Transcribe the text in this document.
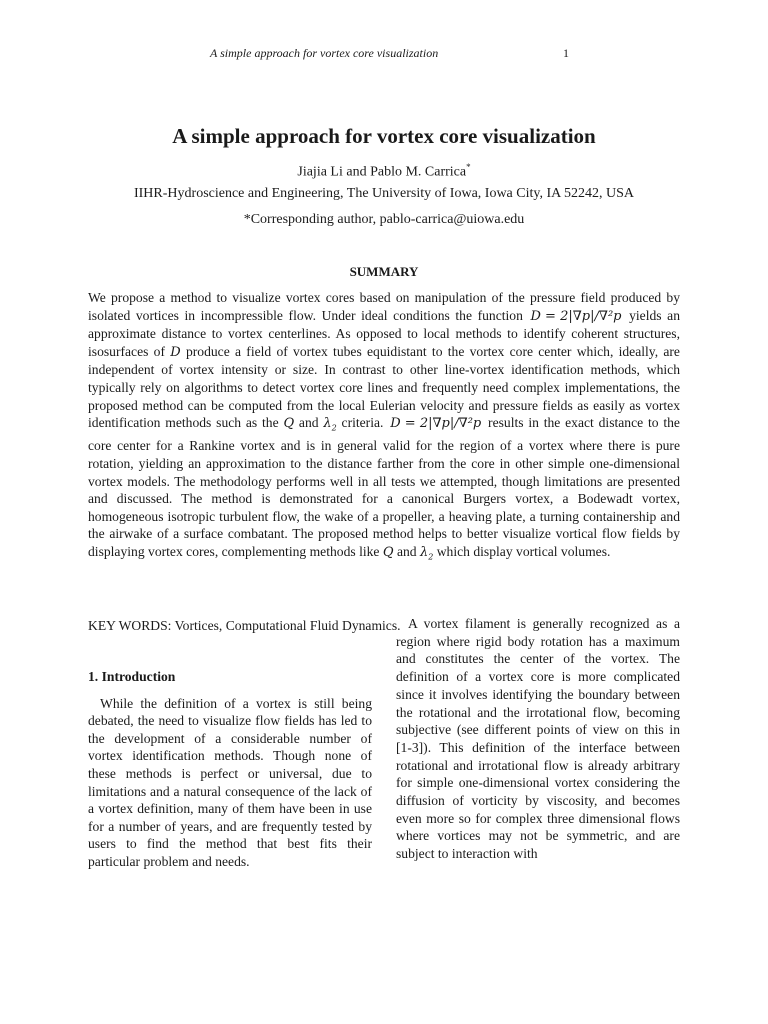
A simple approach for vortex core visualization	1
A simple approach for vortex core visualization
Jiajia Li and Pablo M. Carrica*
IIHR-Hydroscience and Engineering, The University of Iowa, Iowa City, IA 52242, USA
*Corresponding author, pablo-carrica@uiowa.edu
SUMMARY

We propose a method to visualize vortex cores based on manipulation of the pressure field produced by isolated vortices in incompressible flow. Under ideal conditions the function D = 2|∇p|/∇²p yields an approximate distance to vortex centerlines. As opposed to local methods to identify coherent structures, isosurfaces of D produce a field of vortex tubes equidistant to the vortex core center which, ideally, are independent of vortex intensity or size. In contrast to other line-vortex identification methods, which typically rely on algorithms to detect vortex core lines and frequently need complex implementations, the proposed method can be computed from the local Eulerian velocity and pressure fields as easily as vortex identification methods such as the Q and $\lambda_2$ criteria. D = 2|∇p|/∇²p results in the exact distance to the core center for a Rankine vortex and is in general valid for the region of a vortex where there is pure rotation, yielding an approximation to the distance farther from the core in other simple one-dimensional vortex models. The methodology performs well in all tests we attempted, though limitations are presented and discussed. The method is demonstrated for a canonical Burgers vortex, a Bodewadt vortex, homogeneous isotropic turbulent flow, the wake of a propeller, a heaving plate, a turning containership and the airwake of a surface combatant. The proposed method helps to better visualize vortical flow fields by displaying vortex cores, complementing methods like Q and $\lambda_2$ which display vortical volumes.

KEY WORDS: Vortices, Computational Fluid Dynamics.
1. Introduction

While the definition of a vortex is still being debated, the need to visualize flow fields has led to the development of a considerable number of vortex identification methods. Though none of these methods is perfect or universal, due to limitations and a natural consequence of the lack of a vortex definition, many of them have been in use for a number of years, and are frequently tested by users to find the method that best fits their particular problem and needs.

A vortex filament is generally recognized as a region where rigid body rotation has a maximum and constitutes the center of the vortex. The definition of a vortex core is more complicated since it involves identifying the boundary between the rotational and the irrotational flow, becoming subjective (see different points of view on this in [1-3]). This definition of the interface between rotational and irrotational flow is already arbitrary for simple one-dimensional vortex considering the diffusion of vorticity by viscosity, and becomes even more so for complex three dimensional flows where vortices may not be symmetric, and are subject to interaction with
